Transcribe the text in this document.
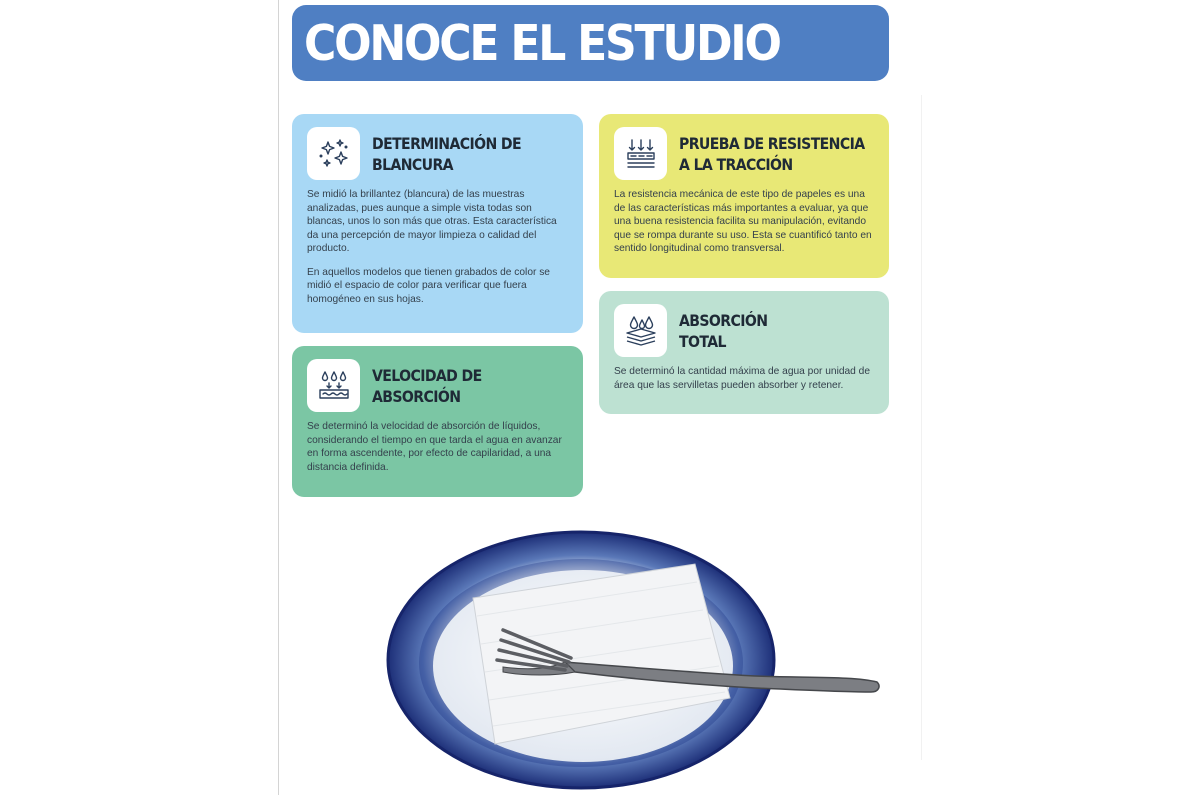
CONOCE EL ESTUDIO
DETERMINACIÓN DE
BLANCURA

Se midió la brillantez (blancura) de las muestras analizadas, pues aunque a simple vista todas son blancas, unos lo son más que otras. Esta característica da una percepción de mayor limpieza o calidad del producto.

En aquellos modelos que tienen grabados de color se midió el espacio de color para verificar que fuera homogéneo en sus hojas.

PRUEBA DE RESISTENCIA
A LA TRACCIÓN

La resistencia mecánica de este tipo de papeles es una de las características más importantes a evaluar, ya que una buena resistencia facilita su manipulación, evitando que se rompa durante su uso. Esta se cuantificó tanto en sentido longitudinal como transversal.

ABSORCIÓN
TOTAL

Se determinó la cantidad máxima de agua por unidad de área que las servilletas pueden absorber y retener.

VELOCIDAD DE
ABSORCIÓN

Se determinó la velocidad de absorción de líquidos, considerando el tiempo en que tarda el agua en avanzar en forma ascendente, por efecto de capilaridad, a una distancia definida.
